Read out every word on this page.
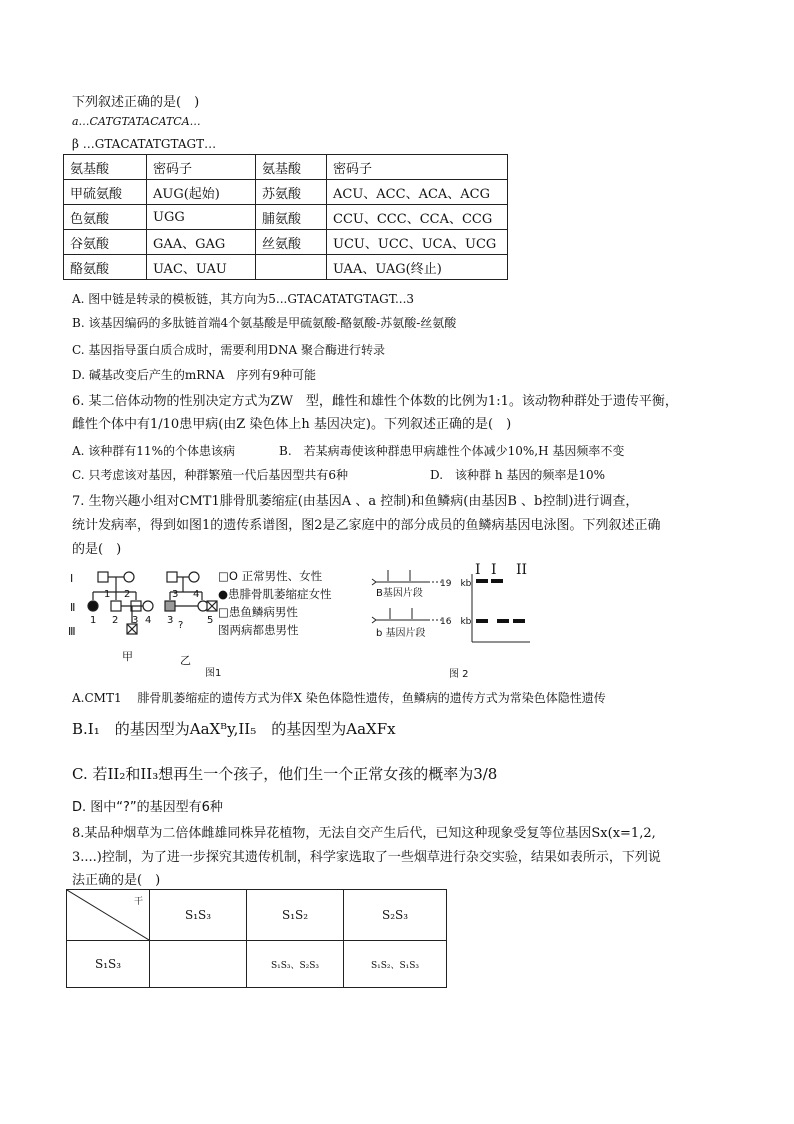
下列叙述正确的是(　)
a…CATGTATACATCA…
β …GTACATATGTAGT…
氨基酸	密码子	氨基酸	密码子
甲硫氨酸	AUG(起始)	苏氨酸	ACU、ACC、ACA、ACG
色氨酸	UGG	脯氨酸	CCU、CCC、CCA、CCG
谷氨酸	GAA、GAG	丝氨酸	UCU、UCC、UCA、UCG
酪氨酸	UAC、UAU		UAA、UAG(终止)
A. 图中链是转录的模板链，其方向为5...GTACATATGTAGT...3
B. 该基因编码的多肽链首端4个氨基酸是甲硫氨酸-酪氨酸-苏氨酸-丝氨酸
C. 基因指导蛋白质合成时，需要利用DNA 聚合酶进行转录
D. 碱基改变后产生的mRNA　序列有9种可能
6. 某二倍体动物的性别决定方式为ZW　型，雌性和雄性个体数的比例为1:1。该动物种群处于遗传平衡，
雌性个体中有1/10患甲病(由Z 染色体上h 基因决定)。下列叙述正确的是(　)
A. 该种群有11%的个体患该病	B.　若某病毒使该种群患甲病雄性个体减少10%,H 基因频率不变
C. 只考虑该对基因，种群繁殖一代后基因型共有6种	D.　该种群 h 基因的频率是10%
7. 生物兴趣小组对CMT1腓骨肌萎缩症(由基因A 、a 控制)和鱼鳞病(由基因B 、b控制)进行调查，
统计发病率，得到如图1的遗传系谱图，图2是乙家庭中的部分成员的鱼鳞病基因电泳图。下列叙述正确
的是(　)
Ⅰ
Ⅱ
Ⅲ
1 2	3 4
1 2 3 4 3	5
?
甲	乙
□O 正常男性、女性
●患腓骨肌萎缩症女性
□患鱼鳞病男性
图两病都患男性
图1
B基因片段
b 基因片段
19　kb
16　kb
I I II
图 2
A.CMT1　 腓骨肌萎缩症的遗传方式为伴X 染色体隐性遗传，鱼鳞病的遗传方式为常染色体隐性遗传
B.I₁　的基因型为AaXᴮy,II₅　的基因型为AaXFx
C. 若II₂和II₃想再生一个孩子，他们生一个正常女孩的概率为3/8
D. 图中“?”的基因型有6种
8.某品种烟草为二倍体雌雄同株异花植物，无法自交产生后代，已知这种现象受复等位基因Sx(x=1,2,
3....)控制，为了进一步探究其遗传机制，科学家选取了一些烟草进行杂交实验，结果如表所示，下列说
法正确的是(　)
干	S₁S₃	S₁S₂	S₂S₃
S₁S₃		S₁S₃、S₂S₃	S₁S₂、S₁S₃
